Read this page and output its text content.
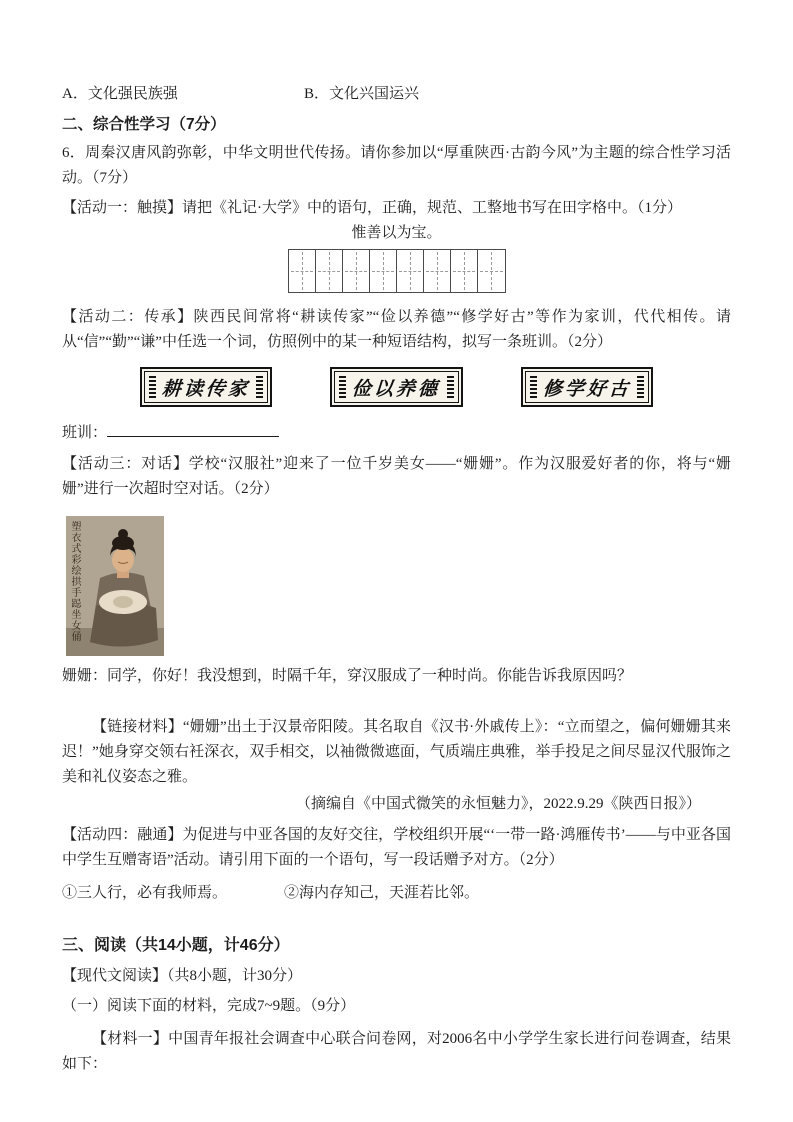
A．文化强民族强	B．文化兴国运兴
二、综合性学习（7分）

6．周秦汉唐风韵弥彰，中华文明世代传扬。请你参加以“厚重陕西·古韵今风”为主题的综合性学习活动。（7分）

【活动一：触摸】请把《礼记·大学》中的语句，正确，规范、工整地书写在田字格中。（1分）

惟善以为宝。

【活动二：传承】陕西民间常将“耕读传家”“俭以养德”“修学好古”等作为家训，代代相传。请从“信”“勤”“谦”中任选一个词，仿照例中的某一种短语结构，拟写一条班训。（2分）

耕读传家	俭以养德	修学好古

班训：

【活动三：对话】学校“汉服社”迎来了一位千岁美女——“姗姗”。作为汉服爱好者的你，将与“姗姗”进行一次超时空对话。（2分）

塑衣式彩绘拱手跽坐女俑

姗姗：同学，你好！我没想到，时隔千年，穿汉服成了一种时尚。你能告诉我原因吗？

【链接材料】“姗姗”出土于汉景帝阳陵。其名取自《汉书·外戚传上》：“立而望之，偏何姗姗其来迟！”她身穿交领右衽深衣，双手相交，以袖微微遮面，气质端庄典雅，举手投足之间尽显汉代服饰之美和礼仪姿态之雅。

（摘编自《中国式微笑的永恒魅力》，2022.9.29《陕西日报》）

【活动四：融通】为促进与中亚各国的友好交往，学校组织开展“‘一带一路·鸿雁传书’——与中亚各国中学生互赠寄语”活动。请引用下面的一个语句，写一段话赠予对方。（2分）

①三人行，必有我师焉。	②海内存知己，天涯若比邻。
三、阅读（共14小题，计46分）

【现代文阅读】（共8小题，计30分）

（一）阅读下面的材料，完成7~9题。（9分）

【材料一】中国青年报社会调查中心联合问卷网，对2006名中小学学生家长进行问卷调查，结果如下：
